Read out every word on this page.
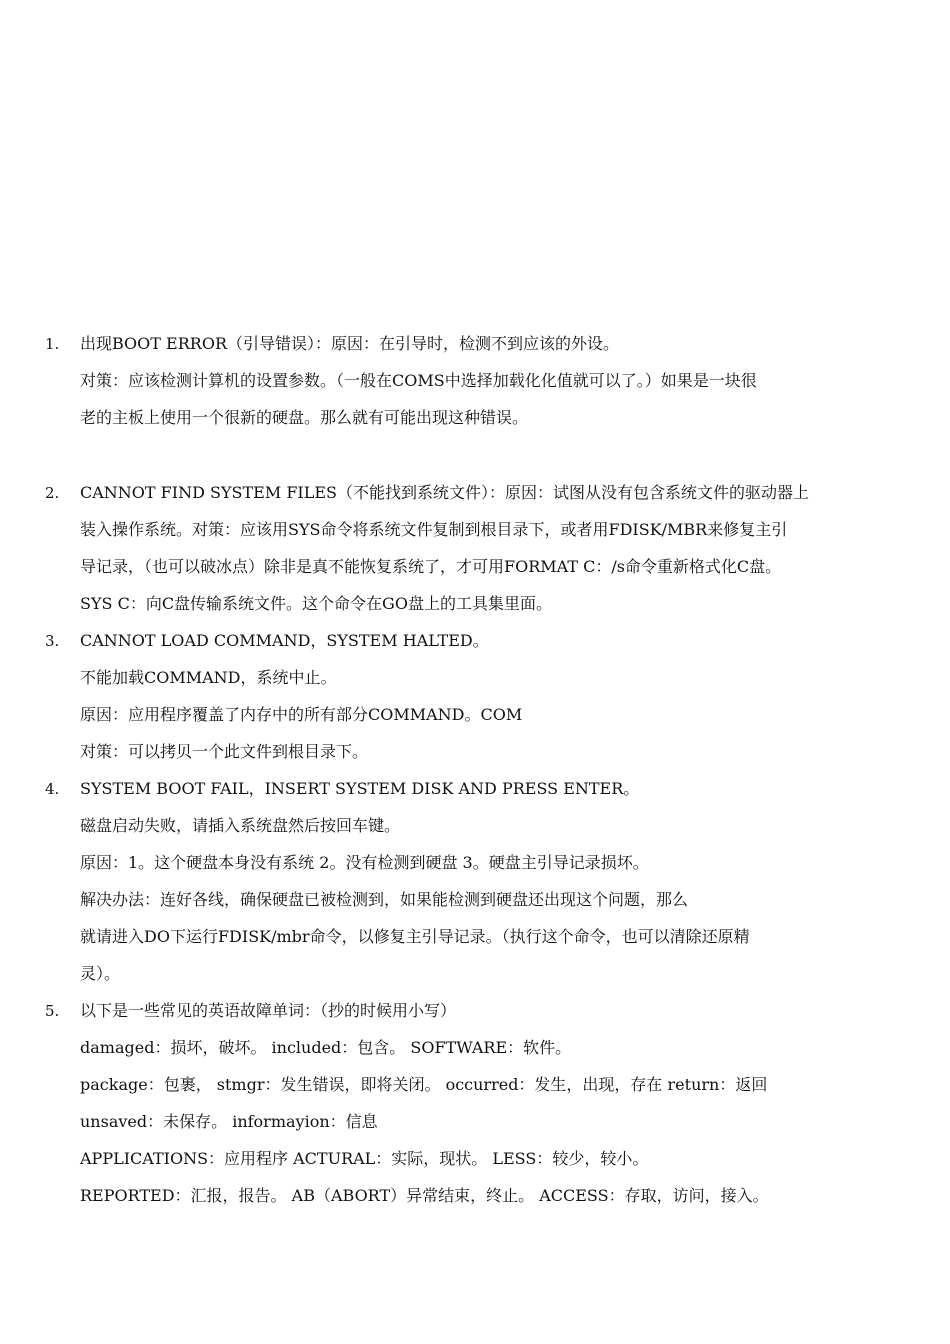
1. 出现BOOT ERROR（引导错误）：原因：在引导时，检测不到应该的外设。
对策：应该检测计算机的设置参数。（一般在COMS中选择加载化化值就可以了。）如果是一块很
老的主板上使用一个很新的硬盘。那么就有可能出现这种错误。
2. CANNOT FIND SYSTEM FILES（不能找到系统文件）：原因：试图从没有包含系统文件的驱动器上
装入操作系统。对策：应该用SYS命令将系统文件复制到根目录下，或者用FDISK/MBR来修复主引
导记录，（也可以破冰点）除非是真不能恢复系统了，才可用FORMAT C：/s命令重新格式化C盘。
SYS C：向C盘传输系统文件。这个命令在GO盘上的工具集里面。
3. CANNOT LOAD COMMAND，SYSTEM HALTED。
不能加载COMMAND，系统中止。
原因：应用程序覆盖了内存中的所有部分COMMAND。COM
对策：可以拷贝一个此文件到根目录下。
4. SYSTEM BOOT FAIL，INSERT SYSTEM DISK AND PRESS ENTER。
磁盘启动失败，请插入系统盘然后按回车键。
原因：1。这个硬盘本身没有系统 2。没有检测到硬盘 3。硬盘主引导记录损坏。
解决办法：连好各线，确保硬盘已被检测到，如果能检测到硬盘还出现这个问题，那么
就请进入DO下运行FDISK/mbr命令，以修复主引导记录。（执行这个命令，也可以清除还原精
灵）。
5. 以下是一些常见的英语故障单词：（抄的时候用小写）
damaged：损坏，破坏。 included：包含。 SOFTWARE：软件。
package：包裹， stmgr：发生错误，即将关闭。 occurred：发生，出现，存在 return：返回
unsaved：未保存。 informayion：信息
APPLICATIONS：应用程序 ACTURAL：实际，现状。 LESS：较少，较小。
REPORTED：汇报，报告。 AB（ABORT）异常结束，终止。 ACCESS：存取，访问，接入。
